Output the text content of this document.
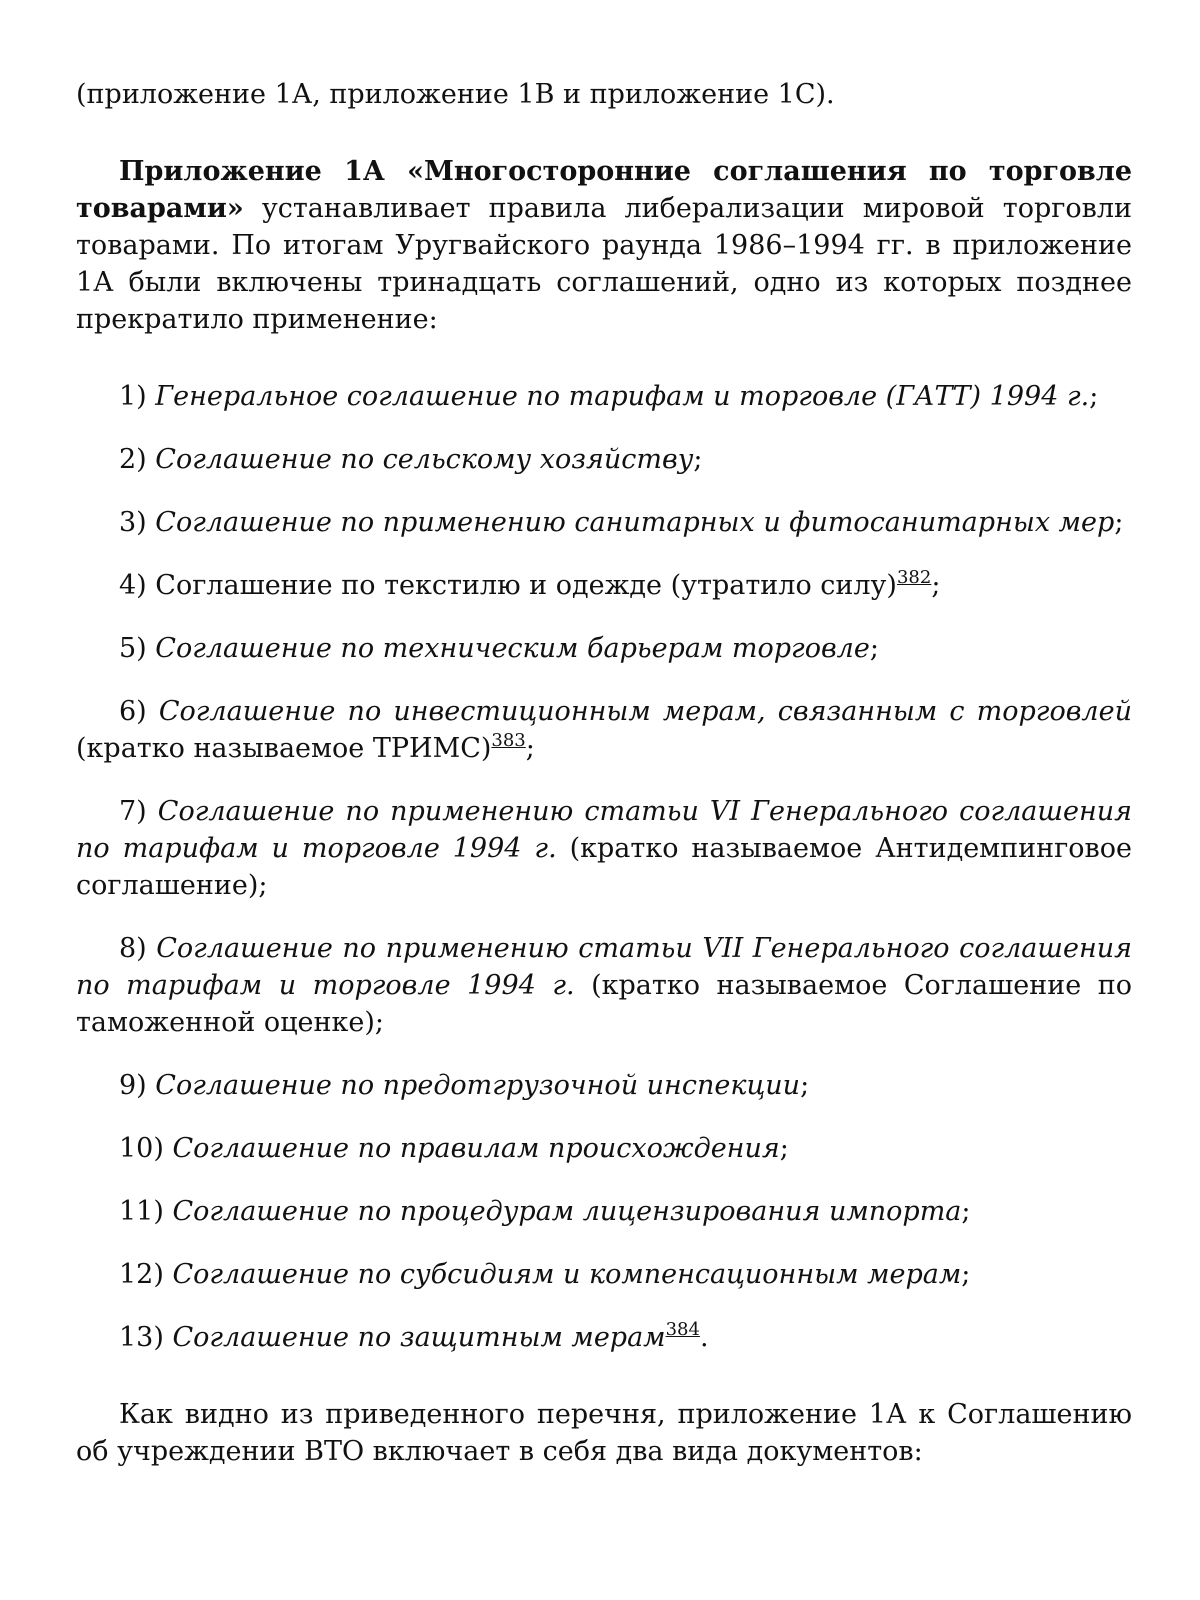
(приложение 1А, приложение 1В и приложение 1С).

Приложение 1А «Многосторонние соглашения по торговле товарами» устанавливает правила либерализации мировой торговли товарами. По итогам Уругвайского раунда 1986–1994 гг. в приложение 1А были включены тринадцать соглашений, одно из которых позднее прекратило применение:

1) Генеральное соглашение по тарифам и торговле (ГАТТ) 1994 г.;

2) Соглашение по сельскому хозяйству;

3) Соглашение по применению санитарных и фитосанитарных мер;

4) Соглашение по текстилю и одежде (утратило силу)$^{382}$;

5) Соглашение по техническим барьерам торговле;

6) Соглашение по инвестиционным мерам, связанным с торговлей (кратко называемое ТРИМС)$^{383}$;

7) Соглашение по применению статьи VI Генерального соглашения по тарифам и торговле 1994 г. (кратко называемое Антидемпинговое соглашение);

8) Соглашение по применению статьи VII Генерального соглашения по тарифам и торговле 1994 г. (кратко называемое Соглашение по таможенной оценке);

9) Соглашение по предотгрузочной инспекции;

10) Соглашение по правилам происхождения;

11) Соглашение по процедурам лицензирования импорта;

12) Соглашение по субсидиям и компенсационным мерам;

13) Соглашение по защитным мерам$^{384}$.

Как видно из приведенного перечня, приложение 1А к Соглашению об учреждении ВТО включает в себя два вида документов:
